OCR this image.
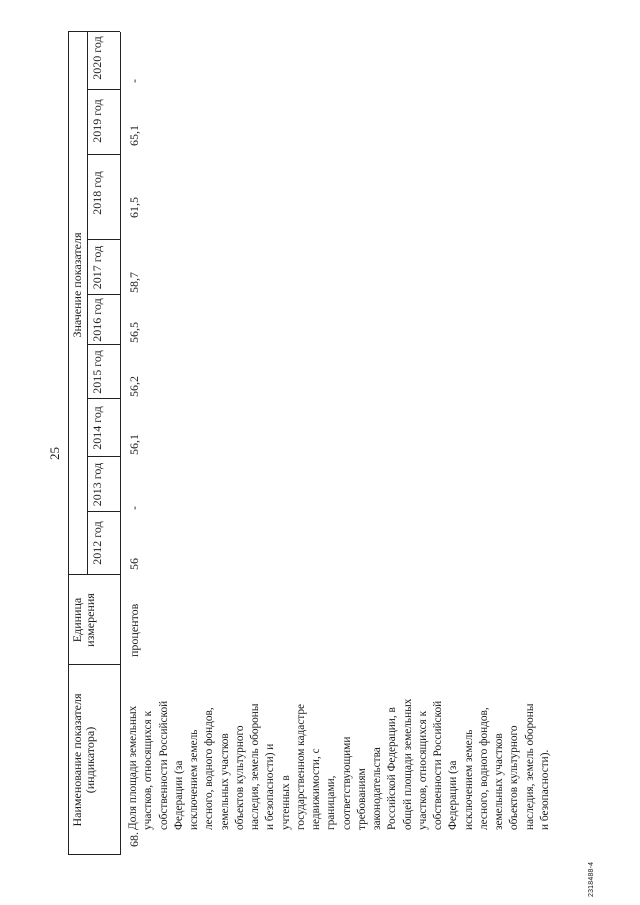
25
Наименование показателя (индикатора)
Единица измерения
Значение показателя
2012 год
2013 год
2014 год
2015 год
2016 год
2017 год
2018 год
2019 год
2020 год
68.
Доля площади земельных участков, относящихся к собственности Российской Федерации (за исключением земель лесного, водного фондов, земельных участков объектов культурного наследия, земель обороны и безопасности) и учтенных в государственном кадастре недвижимости, с границами, соответствующими требованиям законодательства Российской Федерации, в общей площади земельных участков, относящихся к собственности Российской Федерации (за исключением земель лесного, водного фондов, земельных участков объектов культурного наследия, земель обороны и безопасности).
процентов
56
-
56,1
56,2
56,5
58,7
61,5
65,1
-
2318488-4
